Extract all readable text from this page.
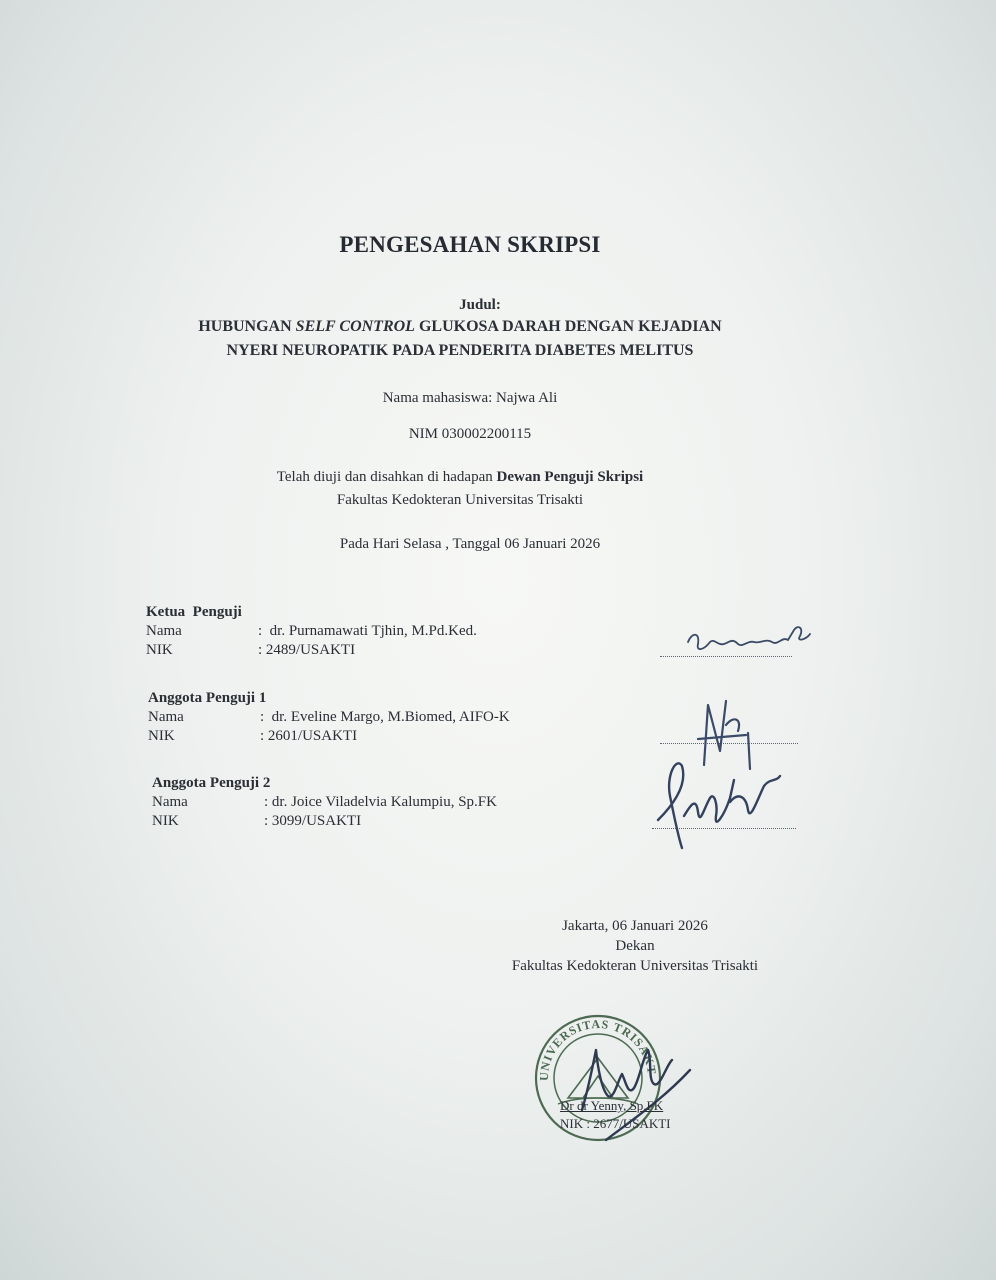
PENGESAHAN SKRIPSI
Judul:
HUBUNGAN SELF CONTROL GLUKOSA DARAH DENGAN KEJADIAN
NYERI NEUROPATIK PADA PENDERITA DIABETES MELITUS
Nama mahasiswa: Najwa Ali
NIM 030002200115
Telah diuji dan disahkan di hadapan Dewan Penguji Skripsi
Fakultas Kedokteran Universitas Trisakti
Pada Hari Selasa , Tanggal 06 Januari 2026
Ketua  Penguji
Nama	:  dr. Purnamawati Tjhin, M.Pd.Ked.
NIK	: 2489/USAKTI
Anggota Penguji 1
Nama	:  dr. Eveline Margo, M.Biomed, AIFO-K
NIK	: 2601/USAKTI
Anggota Penguji 2
Nama	: dr. Joice Viladelvia Kalumpiu, Sp.FK
NIK	: 3099/USAKTI
Jakarta, 06 Januari 2026
Dekan
Fakultas Kedokteran Universitas Trisakti
UNIVERSITAS TRISAKTI
Dr dr Yenny, Sp.FK
NIK : 2677/USAKTI
